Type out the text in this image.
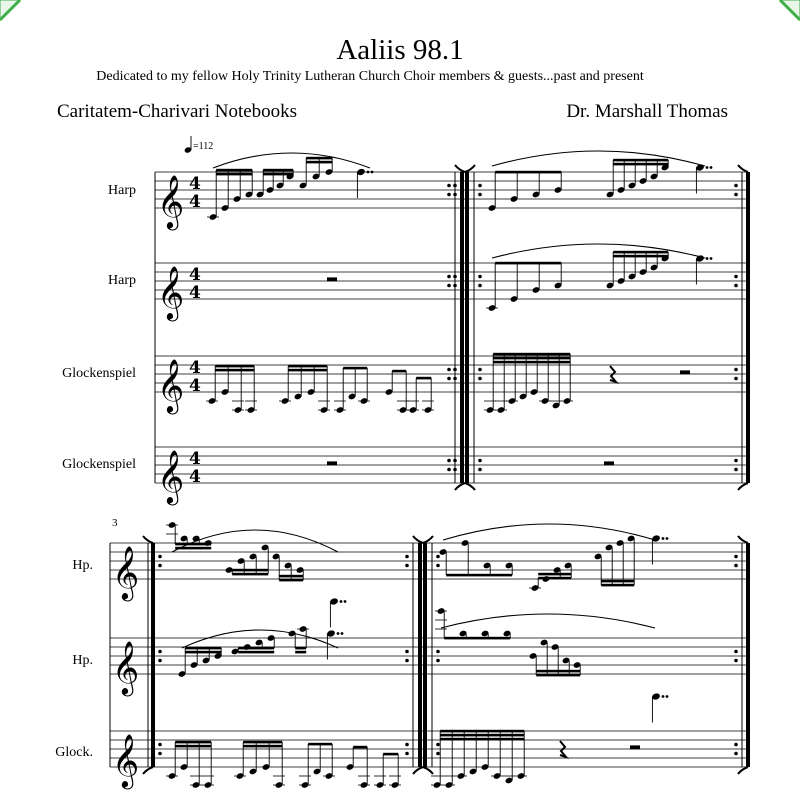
Aaliis 98.1
Dedicated to my fellow Holy Trinity Lutheran Church Choir members & guests...past and present
Caritatem-Charivari Notebooks	Dr. Marshall Thomas
=112
Harp
Harp
Glockenspiel
Glockenspiel
3
Hp.
Hp.
Glock.
𝄞
𝄞
𝄞
𝄞
𝄞
𝄞
𝄞
4
4
4
4
4
4
4
4
